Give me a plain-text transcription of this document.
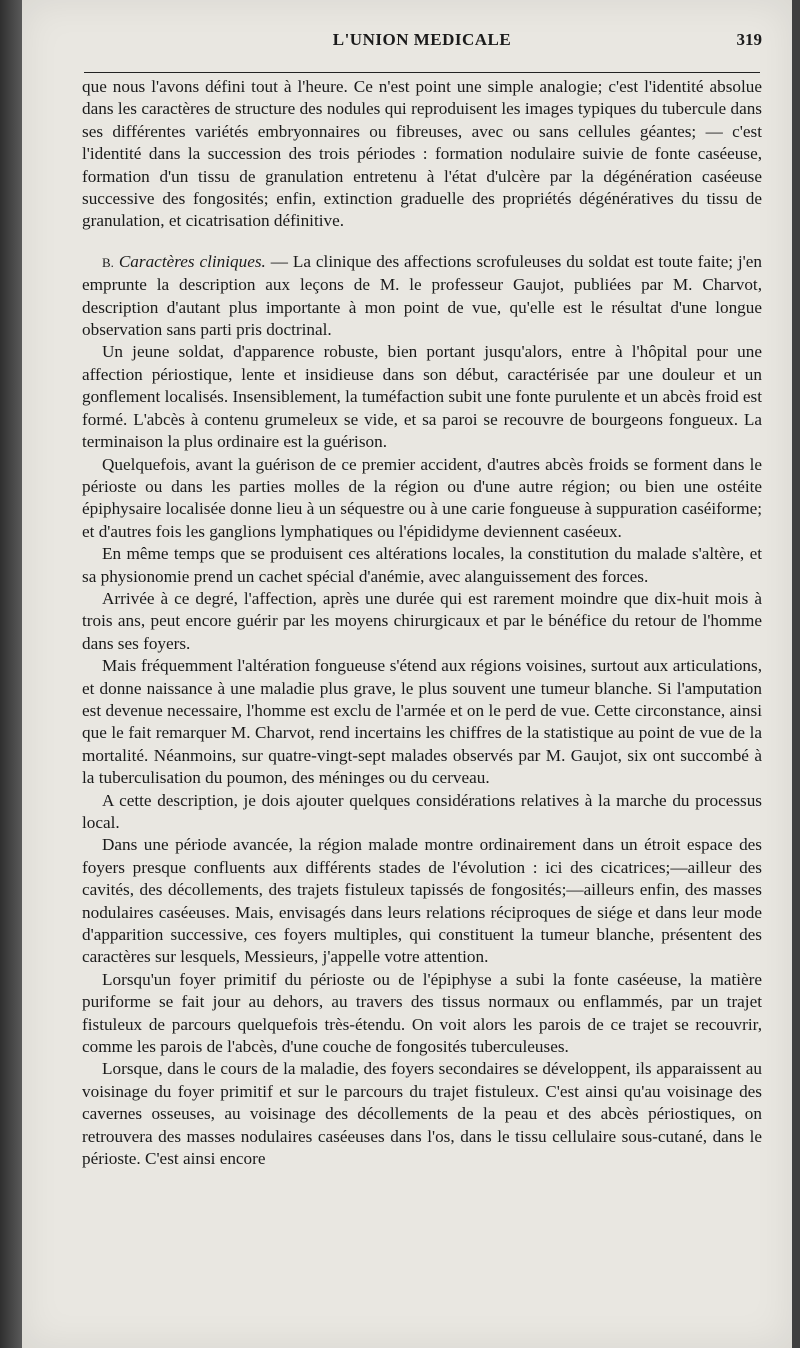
L'UNION MEDICALE	319

que nous l'avons défini tout à l'heure. Ce n'est point une simple analogie; c'est l'identité absolue dans les caractères de structure des nodules qui reproduisent les images typiques du tubercule dans ses différentes variétés embryonnaires ou fibreuses, avec ou sans cellules géantes; — c'est l'identité dans la succession des trois périodes : formation nodulaire suivie de fonte caséeuse, formation d'un tissu de granulation entretenu à l'état d'ulcère par la dégénération caséeuse successive des fongosités; enfin, extinction graduelle des propriétés dégénératives du tissu de granulation, et cicatrisation définitive.

B. Caractères cliniques. — La clinique des affections scrofuleuses du soldat est toute faite; j'en emprunte la description aux leçons de M. le professeur Gaujot, publiées par M. Charvot, description d'autant plus importante à mon point de vue, qu'elle est le résultat d'une longue observation sans parti pris doctrinal.

Un jeune soldat, d'apparence robuste, bien portant jusqu'alors, entre à l'hôpital pour une affection périostique, lente et insidieuse dans son début, caractérisée par une douleur et un gonflement localisés. Insensiblement, la tuméfaction subit une fonte purulente et un abcès froid est formé. L'abcès à contenu grumeleux se vide, et sa paroi se recouvre de bourgeons fongueux. La terminaison la plus ordinaire est la guérison.

Quelquefois, avant la guérison de ce premier accident, d'autres abcès froids se forment dans le périoste ou dans les parties molles de la région ou d'une autre région; ou bien une ostéite épiphysaire localisée donne lieu à un séquestre ou à une carie fongueuse à suppuration caséiforme; et d'autres fois les ganglions lymphatiques ou l'épididyme deviennent caséeux.

En même temps que se produisent ces altérations locales, la constitution du malade s'altère, et sa physionomie prend un cachet spécial d'anémie, avec alanguissement des forces.

Arrivée à ce degré, l'affection, après une durée qui est rarement moindre que dix-huit mois à trois ans, peut encore guérir par les moyens chirurgicaux et par le bénéfice du retour de l'homme dans ses foyers.

Mais fréquemment l'altération fongueuse s'étend aux régions voisines, surtout aux articulations, et donne naissance à une maladie plus grave, le plus souvent une tumeur blanche. Si l'amputation est devenue necessaire, l'homme est exclu de l'armée et on le perd de vue. Cette circonstance, ainsi que le fait remarquer M. Charvot, rend incertains les chiffres de la statistique au point de vue de la mortalité. Néanmoins, sur quatre-vingt-sept malades observés par M. Gaujot, six ont succombé à la tuberculisation du poumon, des méninges ou du cerveau.

A cette description, je dois ajouter quelques considérations relatives à la marche du processus local.

Dans une période avancée, la région malade montre ordinairement dans un étroit espace des foyers presque confluents aux différents stades de l'évolution : ici des cicatrices;—ailleur des cavités, des décollements, des trajets fistuleux tapissés de fongosités;—ailleurs enfin, des masses nodulaires caséeuses. Mais, envisagés dans leurs relations réciproques de siége et dans leur mode d'apparition successive, ces foyers multiples, qui constituent la tumeur blanche, présentent des caractères sur lesquels, Messieurs, j'appelle votre attention.

Lorsqu'un foyer primitif du périoste ou de l'épiphyse a subi la fonte caséeuse, la matière puriforme se fait jour au dehors, au travers des tissus normaux ou enflammés, par un trajet fistuleux de parcours quelquefois très-étendu. On voit alors les parois de ce trajet se recouvrir, comme les parois de l'abcès, d'une couche de fongosités tuberculeuses.

Lorsque, dans le cours de la maladie, des foyers secondaires se développent, ils apparaissent au voisinage du foyer primitif et sur le parcours du trajet fistuleux. C'est ainsi qu'au voisinage des cavernes osseuses, au voisinage des décollements de la peau et des abcès périostiques, on retrouvera des masses nodulaires caséeuses dans l'os, dans le tissu cellulaire sous-cutané, dans le périoste. C'est ainsi encore
